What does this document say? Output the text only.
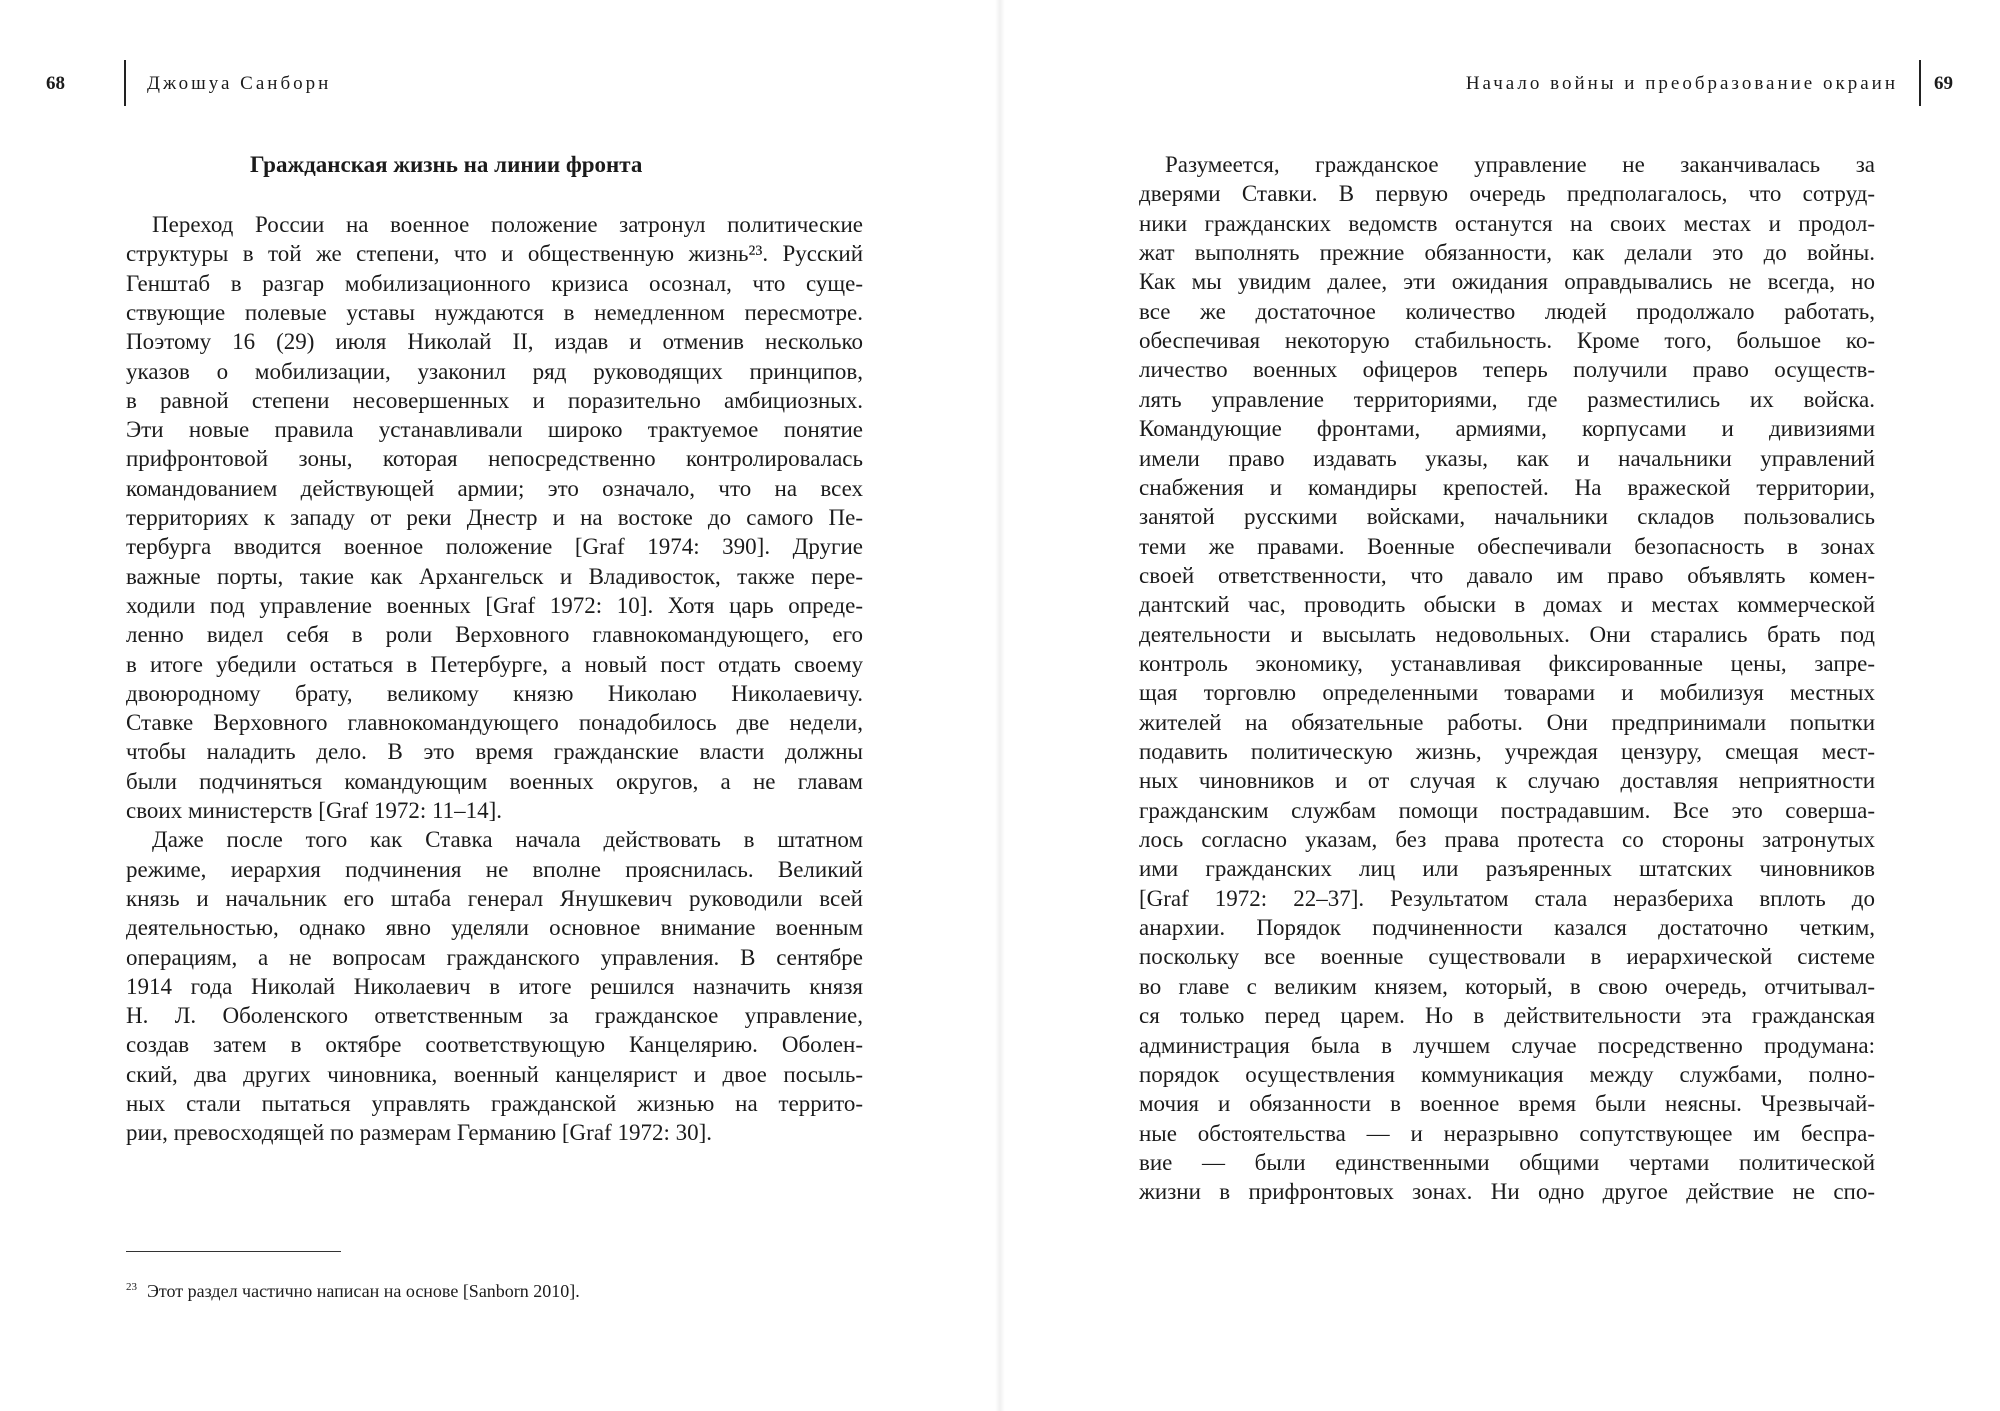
68	Джошуа Санборн
Гражданская жизнь на линии фронта
Переход России на военное положение затронул политические
структуры в той же степени, что и общественную жизнь²³. Русский
Генштаб в разгар мобилизационного кризиса осознал, что суще-
ствующие полевые уставы нуждаются в немедленном пересмотре.
Поэтому 16 (29) июля Николай II, издав и отменив несколько
указов о мобилизации, узаконил ряд руководящих принципов,
в равной степени несовершенных и поразительно амбициозных.
Эти новые правила устанавливали широко трактуемое понятие
прифронтовой зоны, которая непосредственно контролировалась
командованием действующей армии; это означало, что на всех
территориях к западу от реки Днестр и на востоке до самого Пе-
тербурга вводится военное положение [Graf 1974: 390]. Другие
важные порты, такие как Архангельск и Владивосток, также пере-
ходили под управление военных [Graf 1972: 10]. Хотя царь опреде-
ленно видел себя в роли Верховного главнокомандующего, его
в итоге убедили остаться в Петербурге, а новый пост отдать своему
двоюродному брату, великому князю Николаю Николаевичу.
Ставке Верховного главнокомандующего понадобилось две недели,
чтобы наладить дело. В это время гражданские власти должны
были подчиняться командующим военных округов, а не главам
своих министерств [Graf 1972: 11–14].
Даже после того как Ставка начала действовать в штатном
режиме, иерархия подчинения не вполне прояснилась. Великий
князь и начальник его штаба генерал Янушкевич руководили всей
деятельностью, однако явно уделяли основное внимание военным
операциям, а не вопросам гражданского управления. В сентябре
1914 года Николай Николаевич в итоге решился назначить князя
Н. Л. Оболенского ответственным за гражданское управление,
создав затем в октябре соответствующую Канцелярию. Оболен-
ский, два других чиновника, военный канцелярист и двое посыль-
ных стали пытаться управлять гражданской жизнью на террито-
рии, превосходящей по размерам Германию [Graf 1972: 30].
$^{23}$ Этот раздел частично написан на основе [Sanborn 2010].
Начало войны и преобразование окраин 69
Разумеется, гражданское управление не заканчивалась за
дверями Ставки. В первую очередь предполагалось, что сотруд-
ники гражданских ведомств останутся на своих местах и продол-
жат выполнять прежние обязанности, как делали это до войны.
Как мы увидим далее, эти ожидания оправдывались не всегда, но
все же достаточное количество людей продолжало работать,
обеспечивая некоторую стабильность. Кроме того, большое ко-
личество военных офицеров теперь получили право осуществ-
лять управление территориями, где разместились их войска.
Командующие фронтами, армиями, корпусами и дивизиями
имели право издавать указы, как и начальники управлений
снабжения и командиры крепостей. На вражеской территории,
занятой русскими войсками, начальники складов пользовались
теми же правами. Военные обеспечивали безопасность в зонах
своей ответственности, что давало им право объявлять комен-
дантский час, проводить обыски в домах и местах коммерческой
деятельности и высылать недовольных. Они старались брать под
контроль экономику, устанавливая фиксированные цены, запре-
щая торговлю определенными товарами и мобилизуя местных
жителей на обязательные работы. Они предпринимали попытки
подавить политическую жизнь, учреждая цензуру, смещая мест-
ных чиновников и от случая к случаю доставляя неприятности
гражданским службам помощи пострадавшим. Все это соверша-
лось согласно указам, без права протеста со стороны затронутых
ими гражданских лиц или разъяренных штатских чиновников
[Graf 1972: 22–37]. Результатом стала неразбериха вплоть до
анархии. Порядок подчиненности казался достаточно четким,
поскольку все военные существовали в иерархической системе
во главе с великим князем, который, в свою очередь, отчитывал-
ся только перед царем. Но в действительности эта гражданская
администрация была в лучшем случае посредственно продумана:
порядок осуществления коммуникация между службами, полно-
мочия и обязанности в военное время были неясны. Чрезвычай-
ные обстоятельства — и неразрывно сопутствующее им беспра-
вие — были единственными общими чертами политической
жизни в прифронтовых зонах. Ни одно другое действие не спо-
